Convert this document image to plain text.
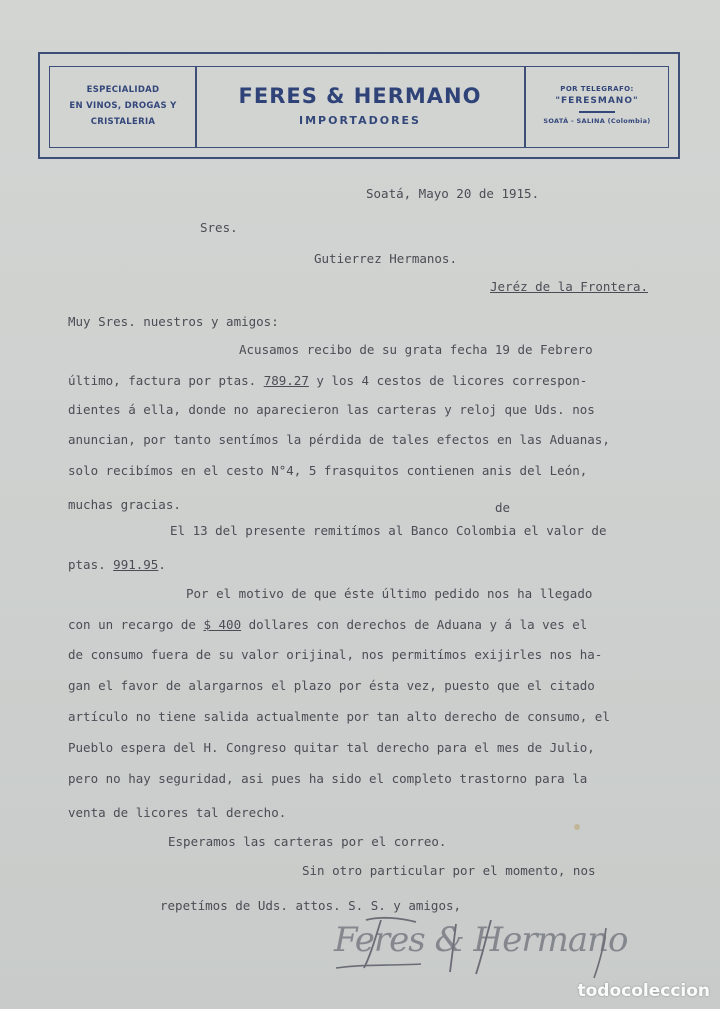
ESPECIALIDAD
EN VINOS, DROGAS Y
CRISTALERIA
FERES & HERMANO
IMPORTADORES
POR TELEGRAFO:
"FERESMANO"
SOATÁ - SALINA (Colombia)
Soatá, Mayo 20 de 1915.
Sres.
Gutierrez Hermanos.
Jeréz de la Frontera.
Muy Sres. nuestros y amigos:
Acusamos recibo de su grata fecha 19 de Febrero
último, factura por ptas. 789.27 y los 4 cestos de licores correspon-
dientes á ella, donde no aparecieron las carteras y reloj que Uds. nos
anuncian, por tanto sentímos la pérdida de tales efectos en las Aduanas,
solo recibímos en el cesto N°4, 5 frasquitos contienen anis del León,
muchas gracias.	de
El 13 del presente remitímos al Banco Colombia el valor de
ptas. 991.95.
Por el motivo de que éste último pedido nos ha llegado
con un recargo de $ 400 dollares con derechos de Aduana y á la ves el
de consumo fuera de su valor orijinal, nos permitímos exijirles nos ha-
gan el favor de alargarnos el plazo por ésta vez, puesto que el citado
artículo no tiene salida actualmente por tan alto derecho de consumo, el
Pueblo espera del H. Congreso quitar tal derecho para el mes de Julio,
pero no hay seguridad, asi pues ha sido el completo trastorno para la
venta de licores tal derecho.
Esperamos las carteras por el correo.
Sin otro particular por el momento, nos
repetímos de Uds. attos. S. S. y amigos,
Feres & Hermano
todocoleccion
